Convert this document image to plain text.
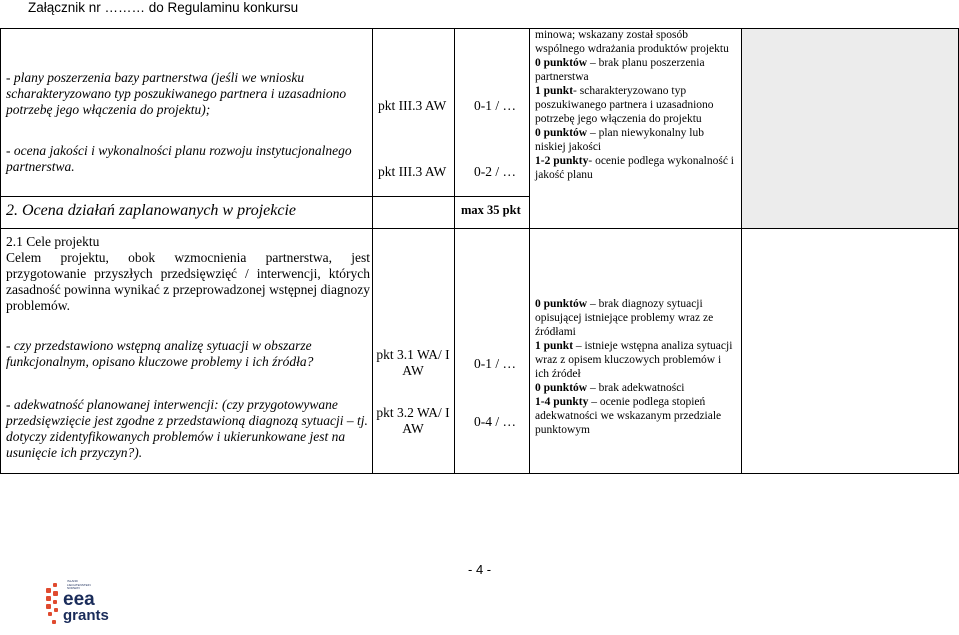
Załącznik nr ……… do Regulaminu konkursu
2. Ocena działań zaplanowanych w projekcie	max 35 pkt
- plany poszerzenia bazy partnerstwa (jeśli we wniosku scharakteryzowano typ poszukiwanego partnera i uzasadniono potrzebę jego włączenia do projektu);
- ocena jakości i wykonalności planu rozwoju instytucjonalnego partnerstwa.
pkt III.3 AW
pkt III.3 AW
0-1 / …
0-2 / …
minowa; wskazany został sposób wspólnego wdrażania produktów projektu
0 punktów – brak planu poszerzenia partnerstwa
1 punkt- scharakteryzowano typ poszukiwanego partnera i uzasadniono potrzebę jego włączenia do projektu
0 punktów – plan niewykonalny lub niskiej jakości
1-2 punkty- ocenie podlega wykonalność i jakość planu
2.1 Cele projektu
Celem projektu, obok wzmocnienia partnerstwa, jest przygotowanie przyszłych przedsięwzięć / interwencji, których zasadność powinna wynikać z przeprowadzonej wstępnej diagnozy problemów.
- czy przedstawiono wstępną analizę sytuacji w obszarze funkcjonalnym, opisano kluczowe problemy i ich źródła?
- adekwatność planowanej interwencji: (czy przygotowywane przedsięwzięcie jest zgodne z przedstawioną diagnozą sytuacji – tj. dotyczy zidentyfikowanych problemów i ukierunkowane jest na usunięcie ich przyczyn?).
pkt 3.1 WA/ I AW
pkt 3.2 WA/ I AW
0-1 / …
0-4 / …
0 punktów – brak diagnozy sytuacji opisującej istniejące problemy wraz ze źródłami
1 punkt – istnieje wstępna analiza sytuacji wraz z opisem kluczowych problemów i ich źródeł
0 punktów – brak adekwatności
1-4 punkty – ocenie podlega stopień adekwatności we wskazanym przedziale punktowym
- 4 -
ISLAND LIECHTENSTEIN NORWAY
eea
grants
